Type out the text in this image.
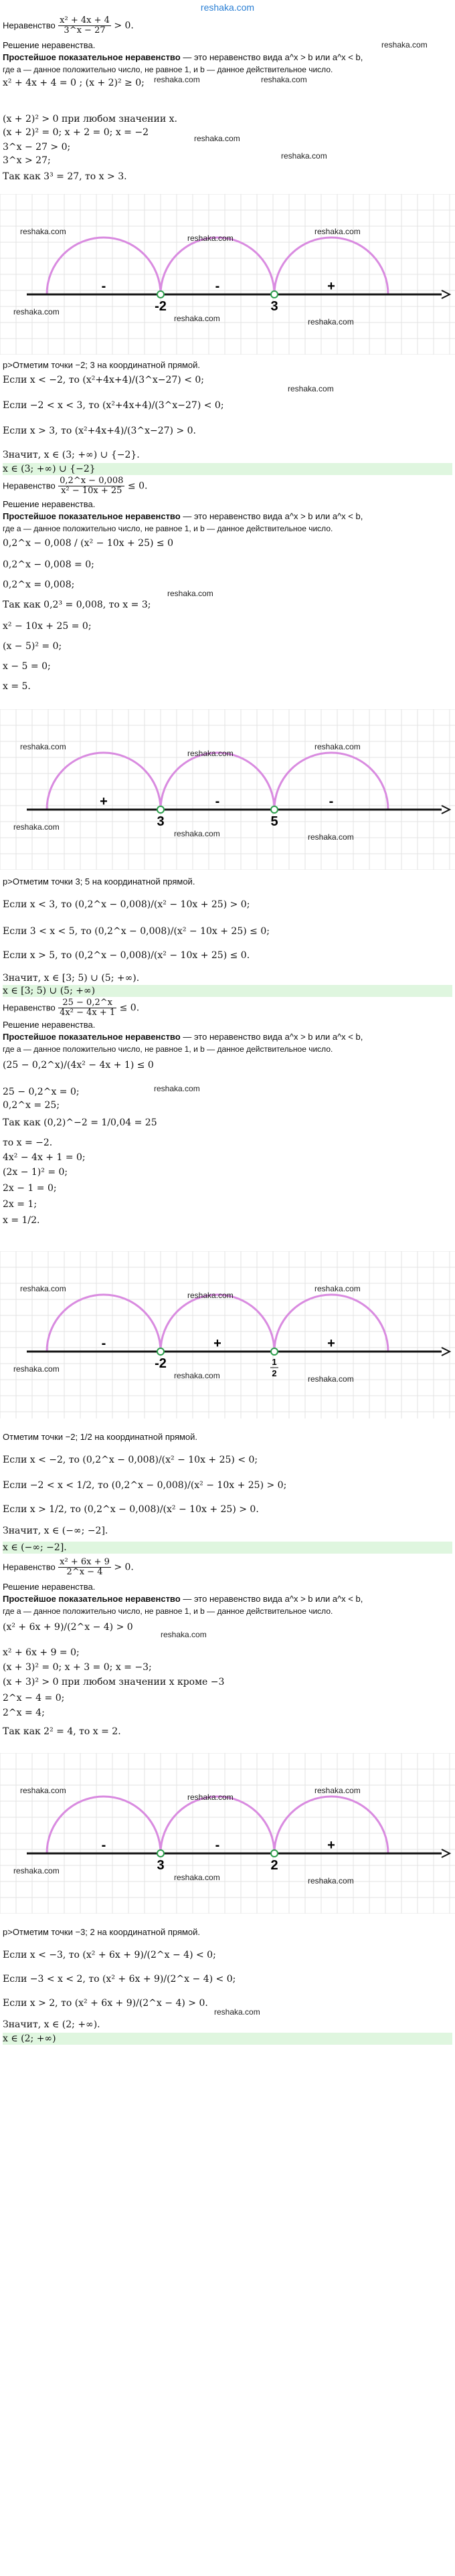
reshaka.com
Неравенство $\frac{\text{x² + 4x + 4}}{3\^{}x - 27} > 0$.
Решение неравенства.
Простейшое показательное неравенство — это неравенство вида a^x > b или a^x < b,
где a — данное положительно число, не равное 1, и b — данное действительное число.
x² + 4x + 4 = 0 ; (x + 2)² ≥ 0;
(x + 2)² > 0 при любом значении x.
(x + 2)² = 0; x + 2 = 0; x = −2
3^x − 27 > 0;
3^x > 27;
Так как 3³ = 27, то x > 3.
-2	3
-	-	+
reshaka.com
reshaka.com
reshaka.com
reshaka.com
reshaka.com	reshaka.com
p>Отметим точки −2; 3 на координатной прямой.
Если x < −2, то (x²+4x+4)/(3^x−27) < 0;
Если −2 < x < 3, то (x²+4x+4)/(3^x−27) < 0;
Если x > 3, то (x²+4x+4)/(3^x−27) > 0.
Значит, x ∈ (3; +∞) ∪ {−2}.
x ∈ (3; +∞) ∪ {−2}
Неравенство $\frac{0,2\^{}x - 0,008}{\text{x² − 10x + 25}} \le 0$.
Решение неравенства.
Простейшое показательное неравенство — это неравенство вида a^x > b или a^x < b,
где a — данное положительно число, не равное 1, и b — данное действительное число.
0,2^x − 0,008 / (x² − 10x + 25) ≤ 0
0,2^x − 0,008 = 0;
0,2^x = 0,008;
Так как 0,2³ = 0,008, то x = 3;
x² − 10x + 25 = 0;
(x − 5)² = 0;
x − 5 = 0;
x = 5.
3	5
+	-	-
reshaka.com
reshaka.com
reshaka.com
reshaka.com
reshaka.com	reshaka.com
p>Отметим точки 3; 5 на координатной прямой.
Если x < 3, то (0,2^x − 0,008)/(x² − 10x + 25) > 0;
Если 3 < x < 5, то (0,2^x − 0,008)/(x² − 10x + 25) ≤ 0;
Если x > 5, то (0,2^x − 0,008)/(x² − 10x + 25) ≤ 0.
Значит, x ∈ [3; 5) ∪ (5; +∞).
x ∈ [3; 5) ∪ (5; +∞)
Неравенство $\frac{25 - 0,2\^{}x}{\text{4x² − 4x + 1}} \le 0$.
Решение неравенства.
Простейшое показательное неравенство — это неравенство вида a^x > b или a^x < b,
где a — данное положительно число, не равное 1, и b — данное действительное число.
(25 − 0,2^x)/(4x² − 4x + 1) ≤ 0
25 − 0,2^x = 0;
0,2^x = 25;
Так как (0,2)^−2 = 1/0,04 = 25
то x = −2.
4x² − 4x + 1 = 0;
(2x − 1)² = 0;
2x − 1 = 0;
2x = 1;
x = 1/2.
-2	1
2
-	+	+
reshaka.com
reshaka.com
reshaka.com
reshaka.com
reshaka.com	reshaka.com
Отметим точки −2; 1/2 на координатной прямой.
Если x < −2, то (0,2^x − 0,008)/(x² − 10x + 25) < 0;
Если −2 < x < 1/2, то (0,2^x − 0,008)/(x² − 10x + 25) > 0;
Если x > 1/2, то (0,2^x − 0,008)/(x² − 10x + 25) > 0.
Значит, x ∈ (−∞; −2].
x ∈ (−∞; −2].
Неравенство $\frac{\text{x² + 6x + 9}}{2\^{}x - 4} > 0$.
Решение неравенства.
Простейшое показательное неравенство — это неравенство вида a^x > b или a^x < b,
где a — данное положительно число, не равное 1, и b — данное действительное число.
(x² + 6x + 9)/(2^x − 4) > 0
x² + 6x + 9 = 0;
(x + 3)² = 0; x + 3 = 0; x = −3;
(x + 3)² > 0 при любом значении x кроме −3
2^x − 4 = 0;
2^x = 4;
Так как 2² = 4, то x = 2.
3	2
-	-	+
reshaka.com
reshaka.com
reshaka.com
reshaka.com
reshaka.com	reshaka.com
p>Отметим точки −3; 2 на координатной прямой.
Если x < −3, то (x² + 6x + 9)/(2^x − 4) < 0;
Если −3 < x < 2, то (x² + 6x + 9)/(2^x − 4) < 0;
Если x > 2, то (x² + 6x + 9)/(2^x − 4) > 0.
Значит, x ∈ (2; +∞).
x ∈ (2; +∞)
reshaka.com
reshaka.com	reshaka.com
reshaka.com
reshaka.com
reshaka.com
reshaka.com
reshaka.com
reshaka.com
reshaka.com
